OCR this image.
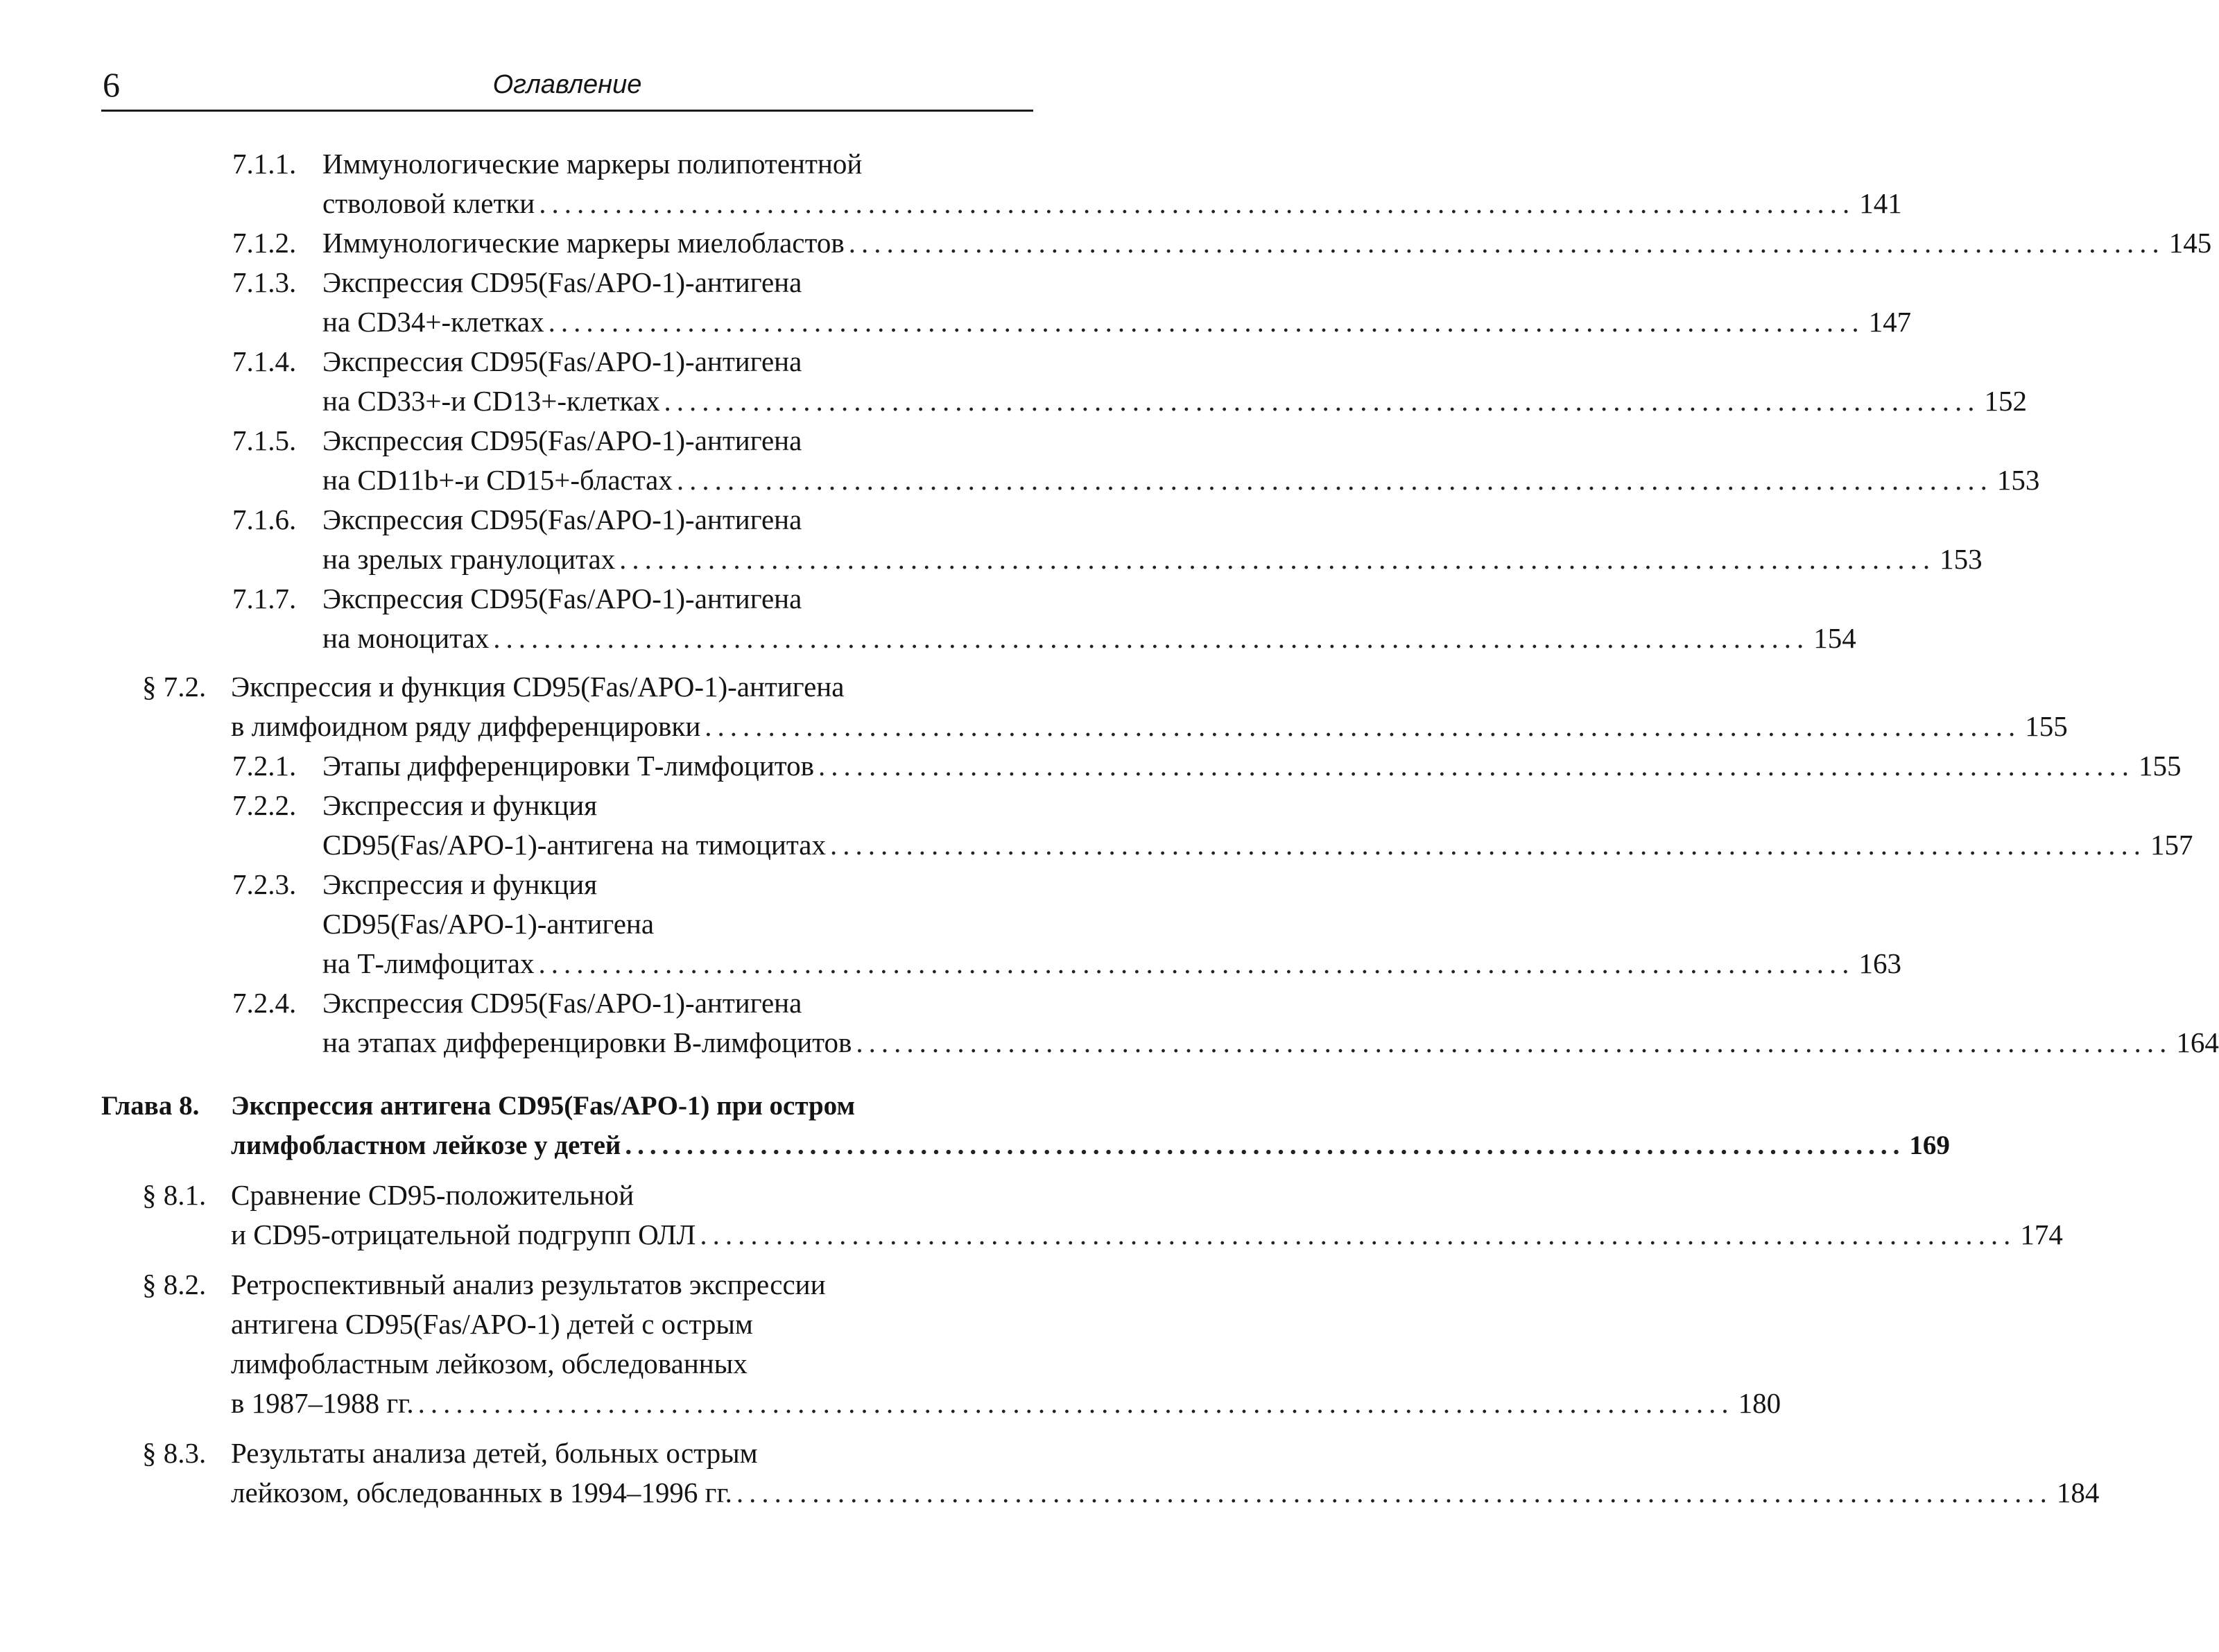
6	Оглавление
7.1.1. Иммунологические маркеры полипотентной
стволовой клетки ........................................................................................................ 141
7.1.2. Иммунологические маркеры миелобластов ........................................................................................................ 145
7.1.3. Экспрессия CD95(Fas/APO-1)-антигена
на CD34+-клетках ........................................................................................................ 147
7.1.4. Экспрессия CD95(Fas/APO-1)-антигена
на CD33+-и CD13+-клетках ........................................................................................................ 152
7.1.5. Экспрессия CD95(Fas/APO-1)-антигена
на CD11b+-и CD15+-бластах ........................................................................................................ 153
7.1.6. Экспрессия CD95(Fas/APO-1)-антигена
на зрелых гранулоцитах ........................................................................................................ 153
7.1.7. Экспрессия CD95(Fas/APO-1)-антигена
на моноцитах ........................................................................................................ 154
§ 7.2. Экспрессия и функция CD95(Fas/APO-1)-антигена
в лимфоидном ряду дифференцировки ........................................................................................................ 155
7.2.1. Этапы дифференцировки Т-лимфоцитов ........................................................................................................ 155
7.2.2. Экспрессия и функция
CD95(Fas/APO-1)-антигена на тимоцитах ........................................................................................................ 157
7.2.3. Экспрессия и функция
CD95(Fas/APO-1)-антигена
на Т-лимфоцитах ........................................................................................................ 163
7.2.4. Экспрессия CD95(Fas/APO-1)-антигена
на этапах дифференцировки В-лимфоцитов ........................................................................................................ 164
Глава 8. Экспрессия антигена CD95(Fas/APO-1) при остром
лимфобластном лейкозе у детей ........................................................................................................ 169
§ 8.1. Сравнение CD95-положительной
и CD95-отрицательной подгрупп ОЛЛ ........................................................................................................ 174
§ 8.2. Ретроспективный анализ результатов экспрессии
антигена CD95(Fas/APO-1) детей с острым
лимфобластным лейкозом, обследованных
в 1987–1988 гг. ........................................................................................................ 180
§ 8.3. Результаты анализа детей, больных острым
лейкозом, обследованных в 1994–1996 гг. ........................................................................................................ 184
